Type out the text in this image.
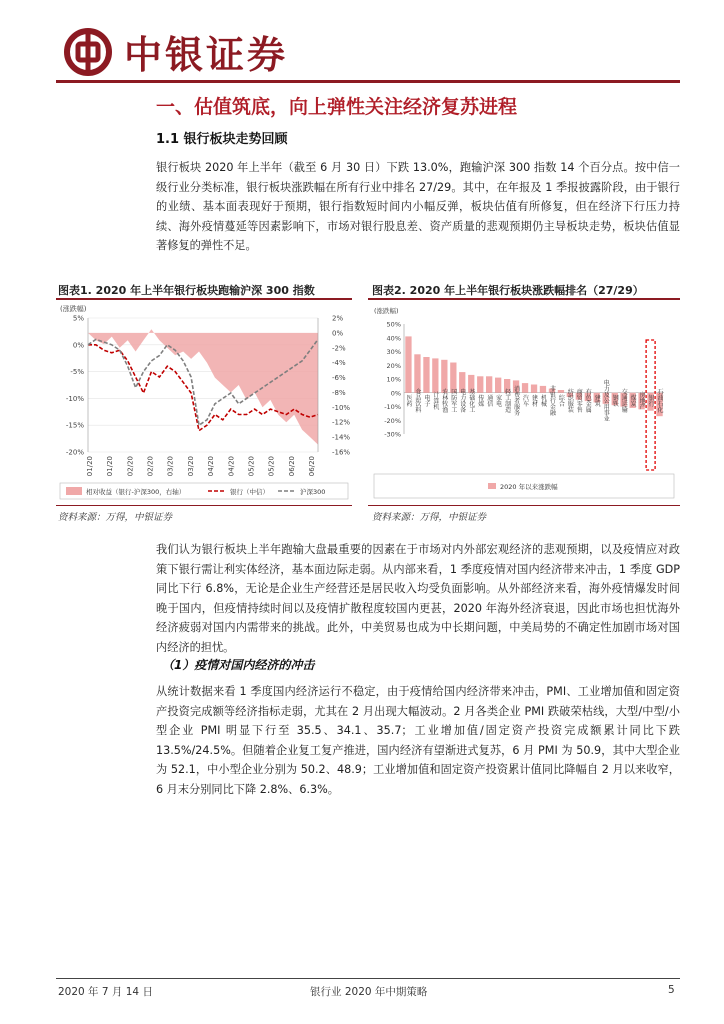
中银证券
一、估值筑底，向上弹性关注经济复苏进程
1.1 银行板块走势回顾
银行板块 2020 年上半年（截至 6 月 30 日）下跌 13.0%，跑输沪深 300 指数 14 个百分点。按中信一级行业分类标准，银行板块涨跌幅在所有行业中排名 27/29。其中，在年报及 1 季报披露阶段，由于银行的业绩、基本面表现好于预期，银行指数短时间内小幅反弹，板块估值有所修复，但在经济下行压力持续、海外疫情蔓延等因素影响下，市场对银行股息差、资产质量的悲观预期仍主导板块走势，板块估值显著修复的弹性不足。
图表1. 2020 年上半年银行板块跑输沪深 300 指数
(涨跌幅)
5%
0%
-5%
-10%
-15%
-20%
2%
0%
-2%
-4%
-6%
-8%
-10%
-12%
-14%
-16%
01/20 01/20 02/20 02/20 03/20 03/20 04/20 04/20 05/20 05/20 06/20 06/20
相对收益（银行-沪深300，右轴）	银行（中信）	沪深300
资料来源：万得，中银证券
图表2. 2020 年上半年银行板块涨跌幅排名（27/29）
(涨跌幅)
50%
40%
30%
20%
10%
0%
-10%
-20%
-30%
医药 食品饮料 电子 计算机 农林牧渔 国防军工 电力设备 基础化工 传媒 通信 家电 轻工制造 消费者服务 汽车 建材 机械 非银行金融 综合 纺织服装 商贸零售 有色金属 建筑 电力及公用事业 钢铁 交通运输 煤炭 房地产 银行 石油石化
2020 年以来涨跌幅
资料来源：万得，中银证券
我们认为银行板块上半年跑输大盘最重要的因素在于市场对内外部宏观经济的悲观预期，以及疫情应对政策下银行需让利实体经济，基本面边际走弱。从内部来看，1 季度疫情对国内经济带来冲击，1 季度 GDP 同比下行 6.8%，无论是企业生产经营还是居民收入均受负面影响。从外部经济来看，海外疫情爆发时间晚于国内，但疫情持续时间以及疫情扩散程度较国内更甚，2020 年海外经济衰退，因此市场也担忧海外经济疲弱对国内内需带来的挑战。此外，中美贸易也成为中长期问题，中美局势的不确定性加剧市场对国内经济的担忧。
（1）疫情对国内经济的冲击
从统计数据来看 1 季度国内经济运行不稳定，由于疫情给国内经济带来冲击，PMI、工业增加值和固定资产投资完成额等经济指标走弱，尤其在 2 月出现大幅波动。2 月各类企业 PMI 跌破荣枯线，大型/中型/小型企业 PMI 明显下行至 35.5、34.1、35.7；工业增加值/固定资产投资完成额累计同比下跌 13.5%/24.5%。但随着企业复工复产推进，国内经济有望渐进式复苏，6 月 PMI 为 50.9，其中大型企业为 52.1，中小型企业分别为 50.2、48.9；工业增加值和固定资产投资累计值同比降幅自 2 月以来收窄，6 月末分别同比下降 2.8%、6.3%。
2020 年 7 月 14 日	银行业 2020 年中期策略	5
